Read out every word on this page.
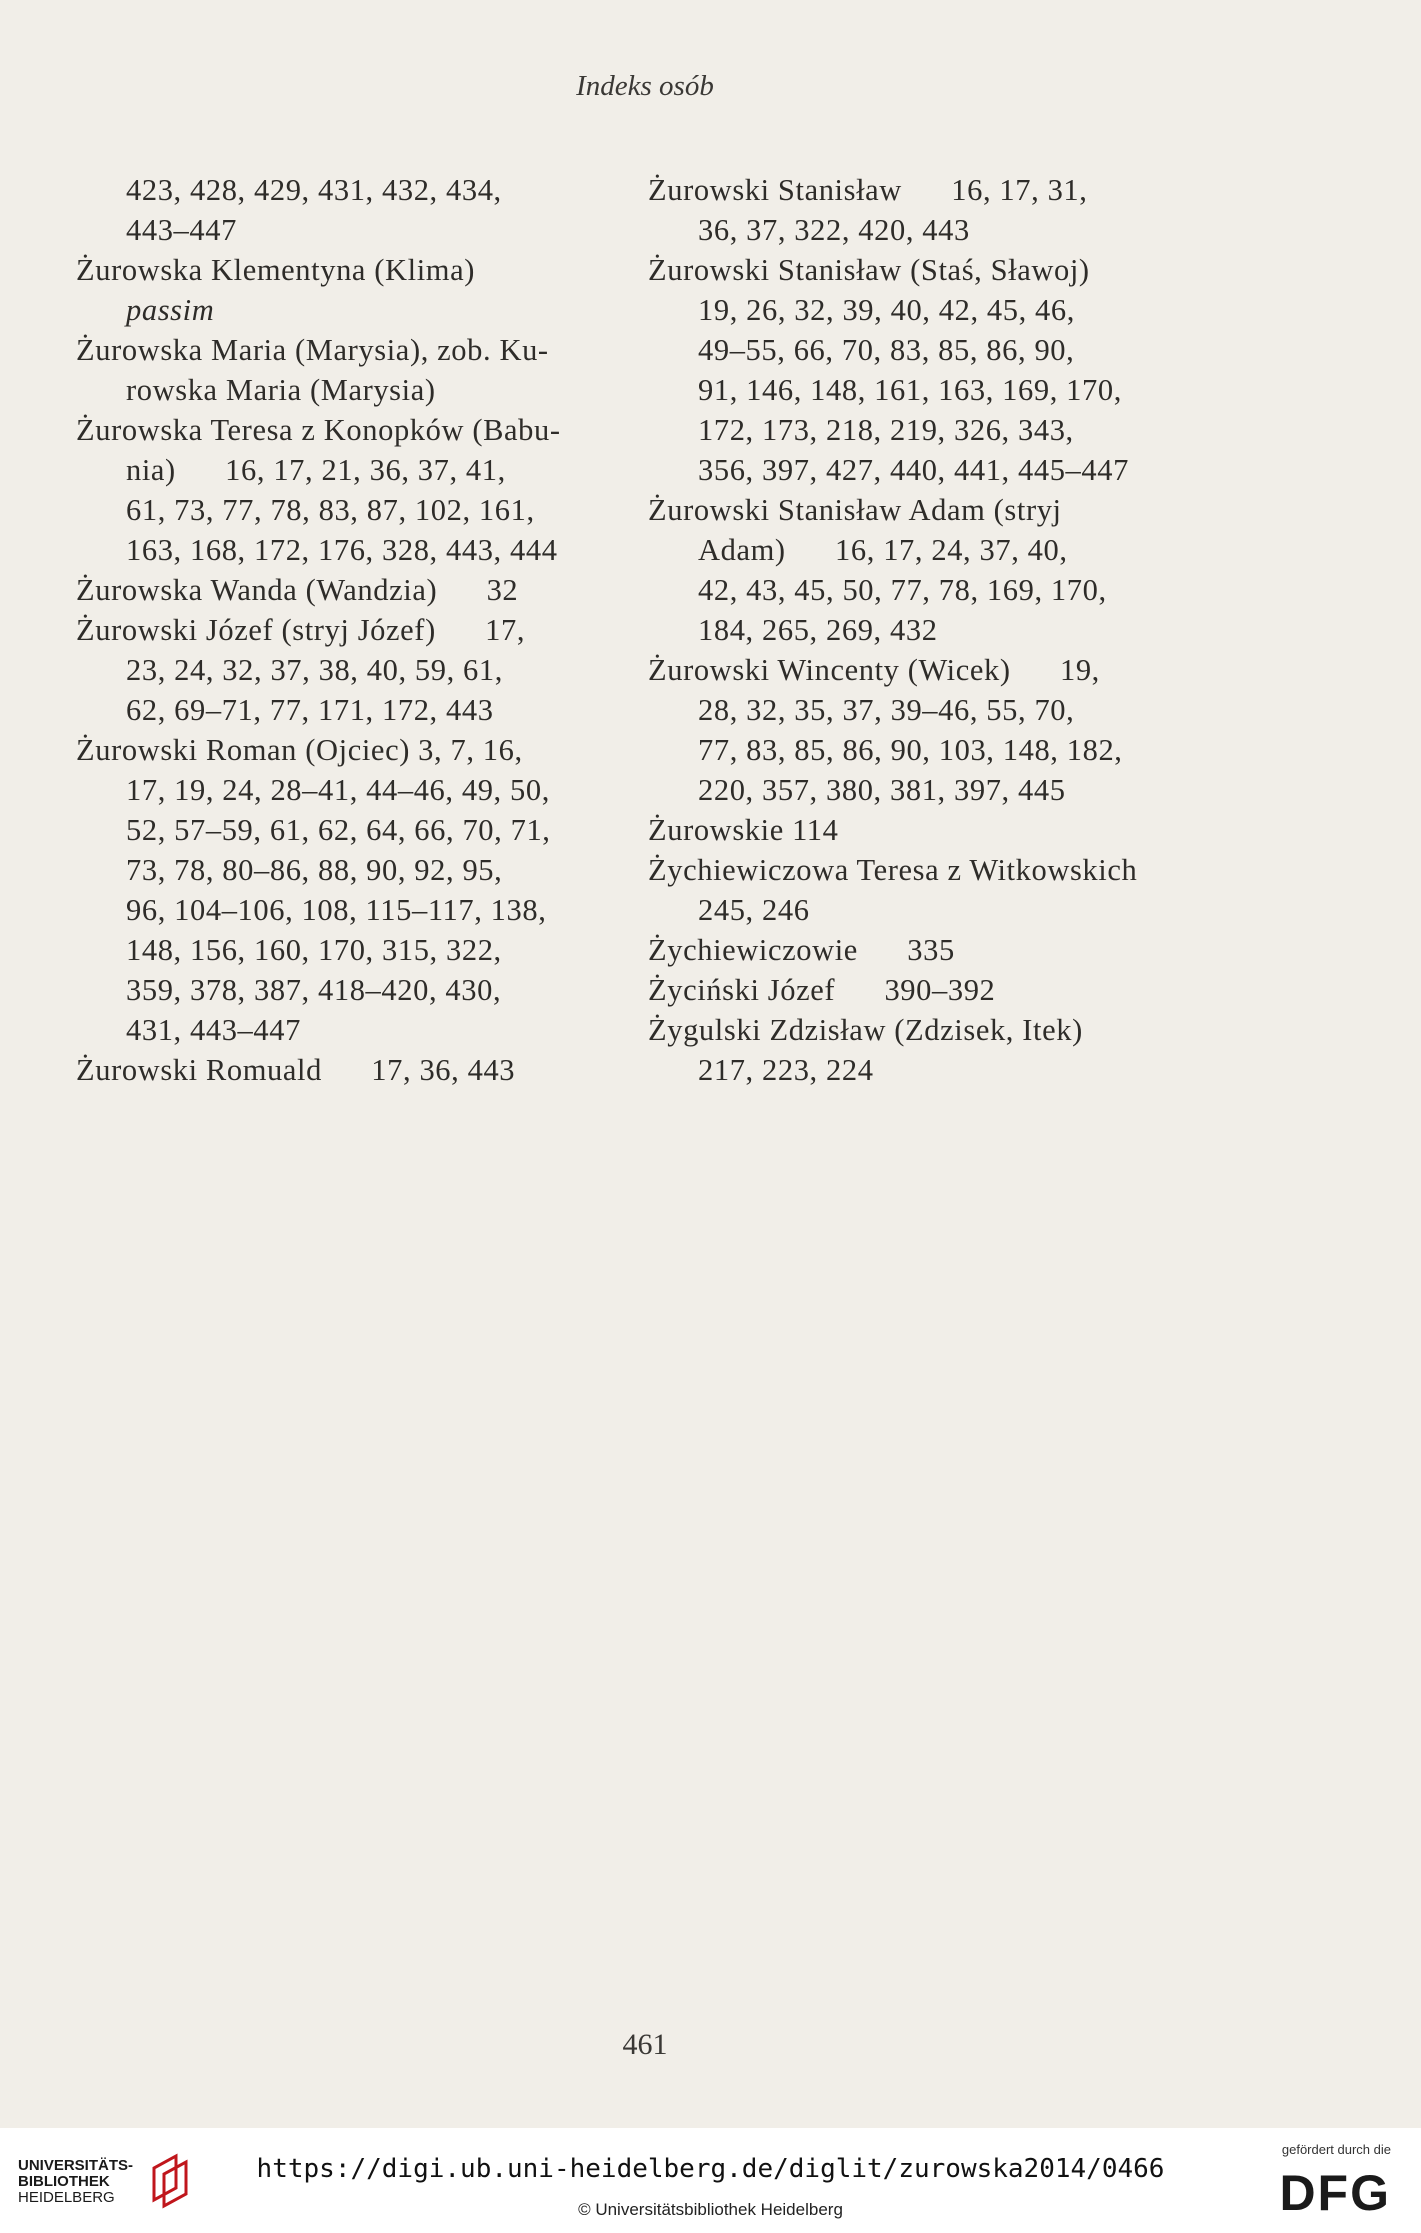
Indeks osób
423, 428, 429, 431, 432, 434,
443–447
Żurowska Klementyna (Klima)
passim
Żurowska Maria (Marysia), zob. Ku-
rowska Maria (Marysia)
Żurowska Teresa z Konopków (Babu-
nia)      16, 17, 21, 36, 37, 41,
61, 73, 77, 78, 83, 87, 102, 161,
163, 168, 172, 176, 328, 443, 444
Żurowska Wanda (Wandzia)      32
Żurowski Józef (stryj Józef)      17,
23, 24, 32, 37, 38, 40, 59, 61,
62, 69–71, 77, 171, 172, 443
Żurowski Roman (Ojciec) 3, 7, 16,
17, 19, 24, 28–41, 44–46, 49, 50,
52, 57–59, 61, 62, 64, 66, 70, 71,
73, 78, 80–86, 88, 90, 92, 95,
96, 104–106, 108, 115–117, 138,
148, 156, 160, 170, 315, 322,
359, 378, 387, 418–420, 430,
431, 443–447
Żurowski Romuald      17, 36, 443
Żurowski Stanisław      16, 17, 31,
36, 37, 322, 420, 443
Żurowski Stanisław (Staś, Sławoj)
19, 26, 32, 39, 40, 42, 45, 46,
49–55, 66, 70, 83, 85, 86, 90,
91, 146, 148, 161, 163, 169, 170,
172, 173, 218, 219, 326, 343,
356, 397, 427, 440, 441, 445–447
Żurowski Stanisław Adam (stryj
Adam)      16, 17, 24, 37, 40,
42, 43, 45, 50, 77, 78, 169, 170,
184, 265, 269, 432
Żurowski Wincenty (Wicek)      19,
28, 32, 35, 37, 39–46, 55, 70,
77, 83, 85, 86, 90, 103, 148, 182,
220, 357, 380, 381, 397, 445
Żurowskie 114
Żychiewiczowa Teresa z Witkowskich
245, 246
Żychiewiczowie      335
Życiński Józef      390–392
Żygulski Zdzisław (Zdzisek, Itek)
217, 223, 224
461
UNIVERSITÄTS-
BIBLIOTHEK
HEIDELBERG
https://digi.ub.uni-heidelberg.de/diglit/zurowska2014/0466
© Universitätsbibliothek Heidelberg
gefördert durch die
DFG
